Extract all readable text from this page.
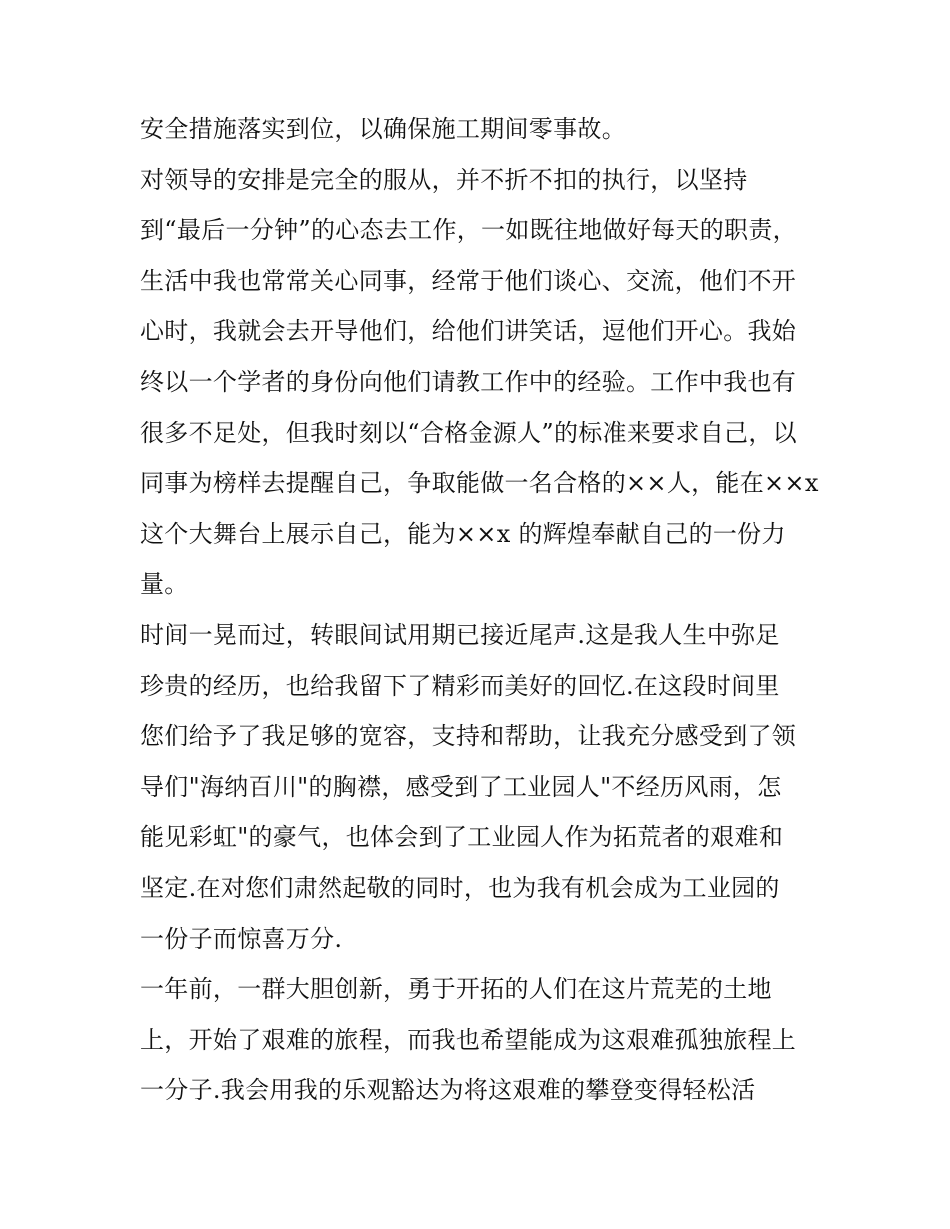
安全措施落实到位，以确保施工期间零事故。
对领导的安排是完全的服从，并不折不扣的执行，以坚持
到“最后一分钟”的心态去工作，一如既往地做好每天的职责，
生活中我也常常关心同事，经常于他们谈心、交流，他们不开
心时，我就会去开导他们，给他们讲笑话，逗他们开心。我始
终以一个学者的身份向他们请教工作中的经验。工作中我也有
很多不足处，但我时刻以“合格金源人”的标准来要求自己，以
同事为榜样去提醒自己，争取能做一名合格的××人，能在××x
这个大舞台上展示自己，能为××x 的辉煌奉献自己的一份力
量。
时间一晃而过，转眼间试用期已接近尾声.这是我人生中弥足
珍贵的经历，也给我留下了精彩而美好的回忆.在这段时间里
您们给予了我足够的宽容，支持和帮助，让我充分感受到了领
导们"海纳百川"的胸襟，感受到了工业园人"不经历风雨，怎
能见彩虹"的豪气，也体会到了工业园人作为拓荒者的艰难和
坚定.在对您们肃然起敬的同时，也为我有机会成为工业园的
一份子而惊喜万分.
一年前，一群大胆创新，勇于开拓的人们在这片荒芜的土地
上，开始了艰难的旅程，而我也希望能成为这艰难孤独旅程上
一分子.我会用我的乐观豁达为将这艰难的攀登变得轻松活
